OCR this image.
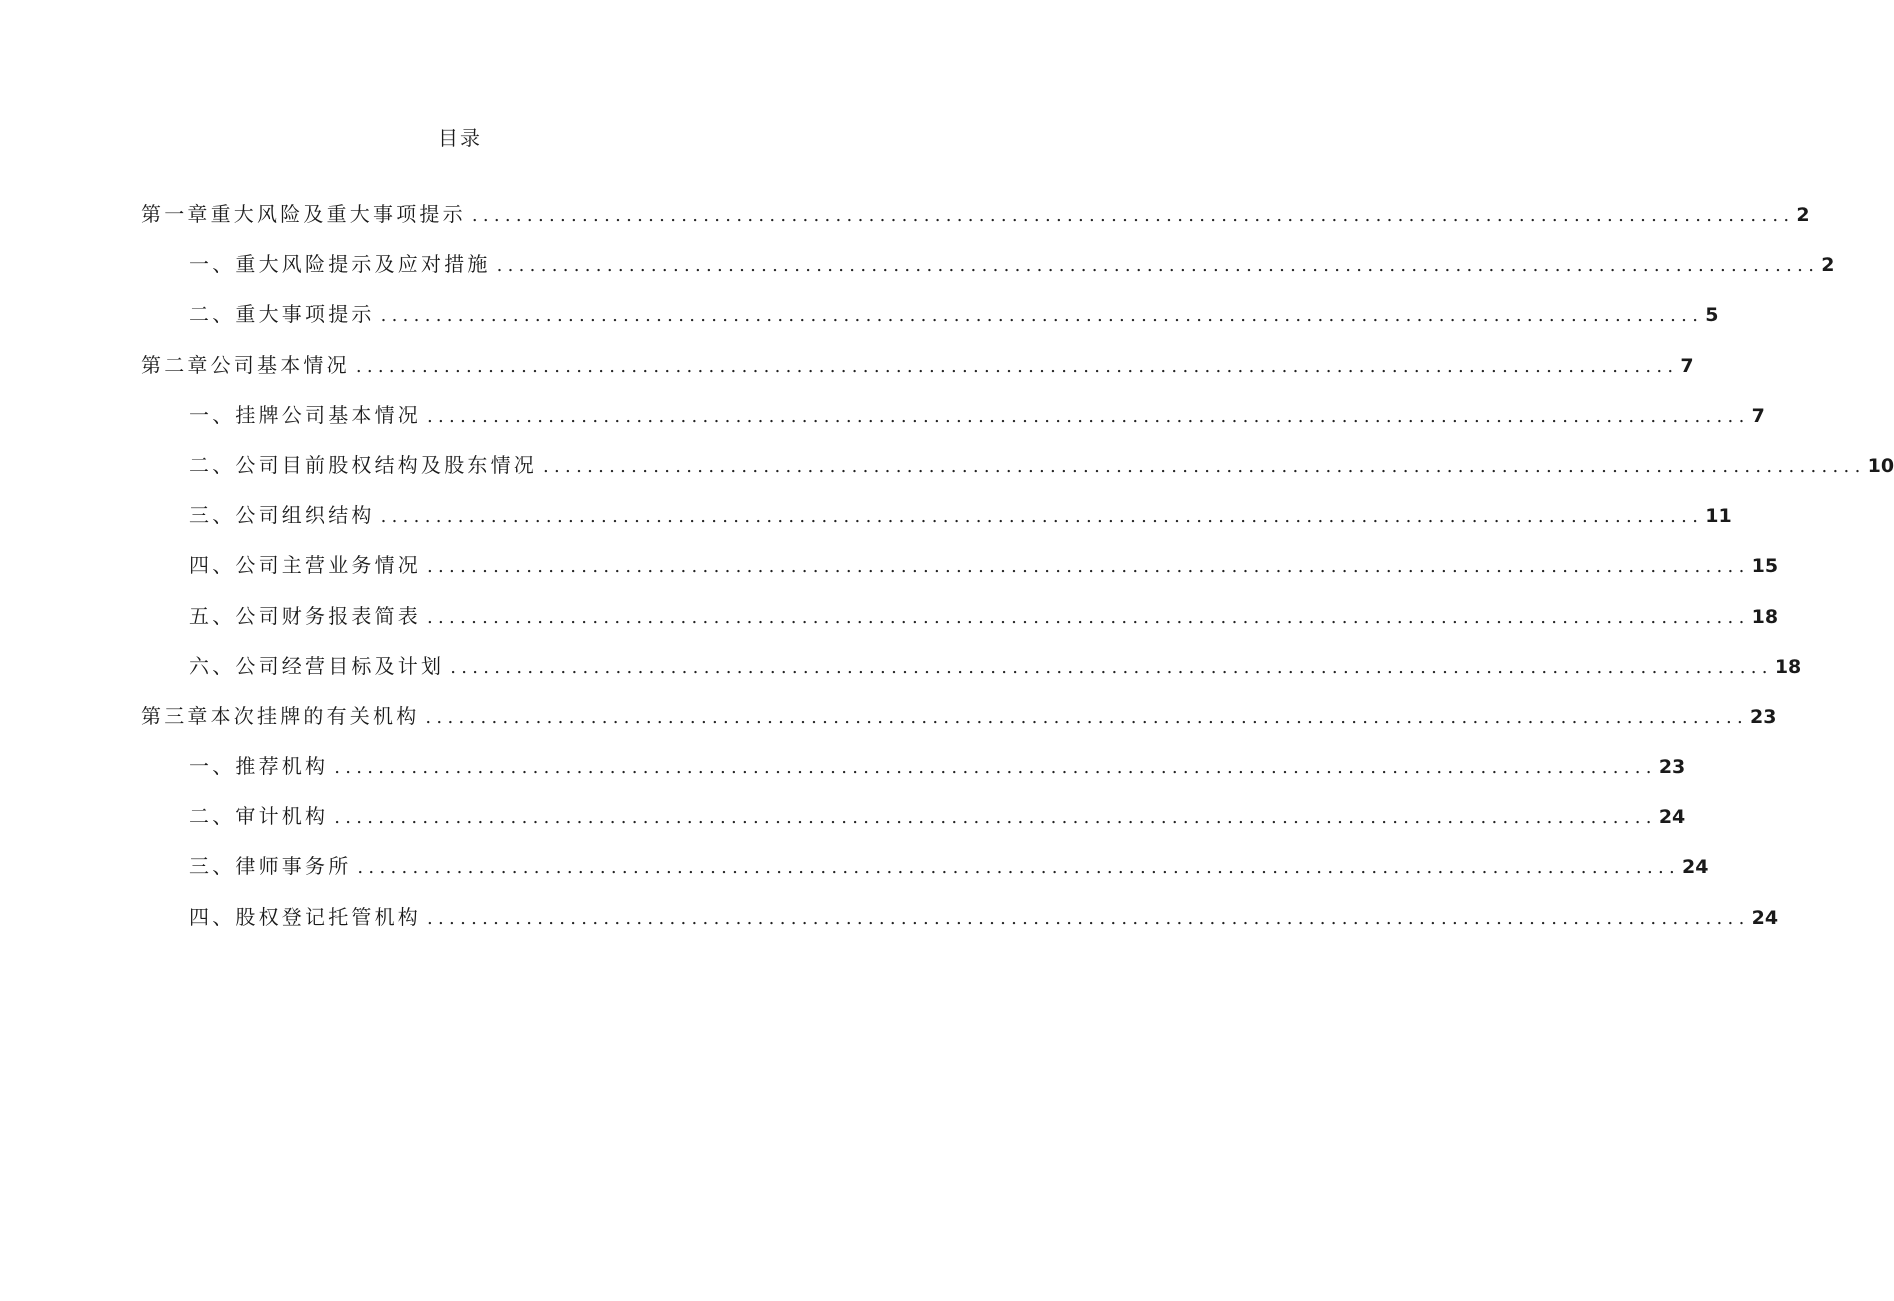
目录
第一章重大风险及重大事项提示 ........................................................................................................................ 2
一、重大风险提示及应对措施 ........................................................................................................................ 2
二、重大事项提示 ........................................................................................................................ 5
第二章公司基本情况 ........................................................................................................................ 7
一、挂牌公司基本情况 ........................................................................................................................ 7
二、公司目前股权结构及股东情况 ........................................................................................................................ 10
三、公司组织结构 ........................................................................................................................ 11
四、公司主营业务情况 ........................................................................................................................ 15
五、公司财务报表简表 ........................................................................................................................ 18
六、公司经营目标及计划 ........................................................................................................................ 18
第三章本次挂牌的有关机构 ........................................................................................................................ 23
一、推荐机构 ........................................................................................................................ 23
二、审计机构 ........................................................................................................................ 24
三、律师事务所 ........................................................................................................................ 24
四、股权登记托管机构 ........................................................................................................................ 24
